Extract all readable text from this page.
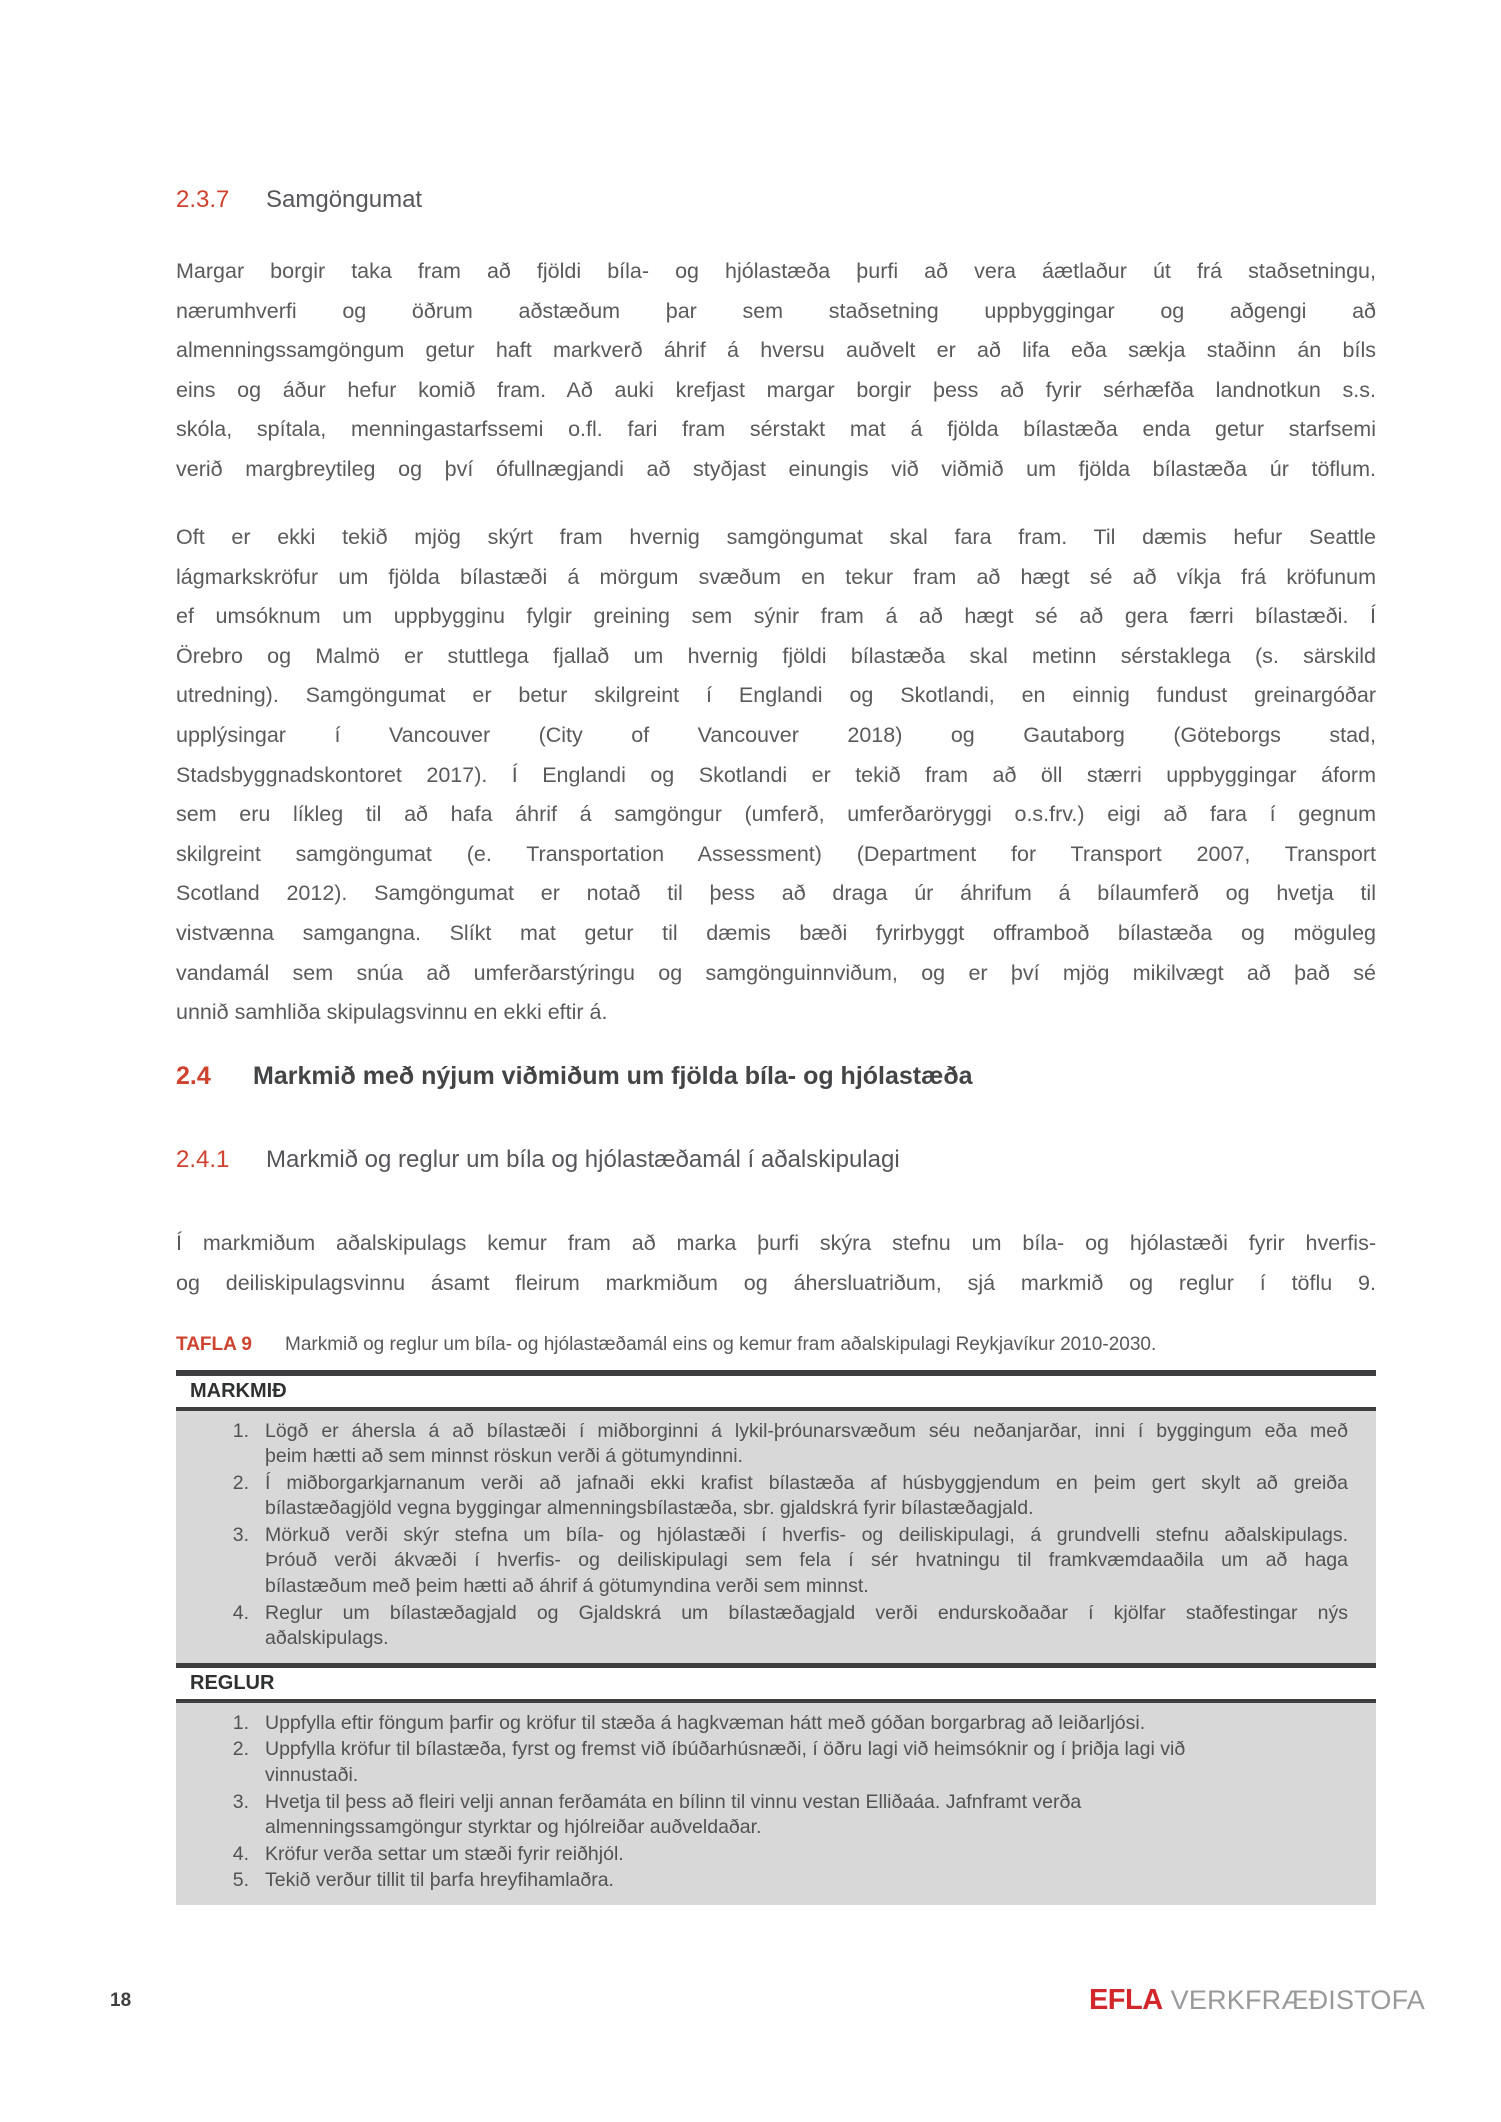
2.3.7 Samgöngumat
Margar borgir taka fram að fjöldi bíla- og hjólastæða þurfi að vera áætlaður út frá staðsetningu,
nærumhverfi og öðrum aðstæðum þar sem staðsetning uppbyggingar og aðgengi að
almenningssamgöngum getur haft markverð áhrif á hversu auðvelt er að lifa eða sækja staðinn án bíls
eins og áður hefur komið fram. Að auki krefjast margar borgir þess að fyrir sérhæfða landnotkun s.s.
skóla, spítala, menningastarfssemi o.fl. fari fram sérstakt mat á fjölda bílastæða enda getur starfsemi
verið margbreytileg og því ófullnægjandi að styðjast einungis við viðmið um fjölda bílastæða úr töflum.
Oft er ekki tekið mjög skýrt fram hvernig samgöngumat skal fara fram. Til dæmis hefur Seattle
lágmarkskröfur um fjölda bílastæði á mörgum svæðum en tekur fram að hægt sé að víkja frá kröfunum
ef umsóknum um uppbygginu fylgir greining sem sýnir fram á að hægt sé að gera færri bílastæði. Í
Örebro og Malmö er stuttlega fjallað um hvernig fjöldi bílastæða skal metinn sérstaklega (s. särskild
utredning). Samgöngumat er betur skilgreint í Englandi og Skotlandi, en einnig fundust greinargóðar
upplýsingar í Vancouver (City of Vancouver 2018) og Gautaborg (Göteborgs stad,
Stadsbyggnadskontoret 2017). Í Englandi og Skotlandi er tekið fram að öll stærri uppbyggingar áform
sem eru líkleg til að hafa áhrif á samgöngur (umferð, umferðaröryggi o.s.frv.) eigi að fara í gegnum
skilgreint samgöngumat (e. Transportation Assessment) (Department for Transport 2007, Transport
Scotland 2012). Samgöngumat er notað til þess að draga úr áhrifum á bílaumferð og hvetja til
vistvænna samgangna. Slíkt mat getur til dæmis bæði fyrirbyggt offramboð bílastæða og möguleg
vandamál sem snúa að umferðarstýringu og samgönguinnviðum, og er því mjög mikilvægt að það sé
unnið samhliða skipulagsvinnu en ekki eftir á.
2.4 Markmið með nýjum viðmiðum um fjölda bíla- og hjólastæða
2.4.1 Markmið og reglur um bíla og hjólastæðamál í aðalskipulagi
Í markmiðum aðalskipulags kemur fram að marka þurfi skýra stefnu um bíla- og hjólastæði fyrir hverfis-
og deiliskipulagsvinnu ásamt fleirum markmiðum og áhersluatriðum, sjá markmið og reglur í töflu 9.
TAFLA 9 Markmið og reglur um bíla- og hjólastæðamál eins og kemur fram aðalskipulagi Reykjavíkur 2010-2030.
MARKMIÐ
Lögð er áhersla á að bílastæði í miðborginni á lykil-þróunarsvæðum séu neðanjarðar, inni í byggingum eða með
þeim hætti að sem minnst röskun verði á götumyndinni.
Í miðborgarkjarnanum verði að jafnaði ekki krafist bílastæða af húsbyggjendum en þeim gert skylt að greiða
bílastæðagjöld vegna byggingar almenningsbílastæða, sbr. gjaldskrá fyrir bílastæðagjald.
Mörkuð verði skýr stefna um bíla- og hjólastæði í hverfis- og deiliskipulagi, á grundvelli stefnu aðalskipulags.
Þróuð verði ákvæði í hverfis- og deiliskipulagi sem fela í sér hvatningu til framkvæmdaaðila um að haga
bílastæðum með þeim hætti að áhrif á götumyndina verði sem minnst.
Reglur um bílastæðagjald og Gjaldskrá um bílastæðagjald verði endurskoðaðar í kjölfar staðfestingar nýs
aðalskipulags.
REGLUR
Uppfylla eftir föngum þarfir og kröfur til stæða á hagkvæman hátt með góðan borgarbrag að leiðarljósi.
Uppfylla kröfur til bílastæða, fyrst og fremst við íbúðarhúsnæði, í öðru lagi við heimsóknir og í þriðja lagi við
vinnustaði.
Hvetja til þess að fleiri velji annan ferðamáta en bílinn til vinnu vestan Elliðaáa. Jafnframt verða
almenningssamgöngur styrktar og hjólreiðar auðveldaðar.
Kröfur verða settar um stæði fyrir reiðhjól.
Tekið verður tillit til þarfa hreyfihamlaðra.
18	EFLA VERKFRÆÐISTOFA
